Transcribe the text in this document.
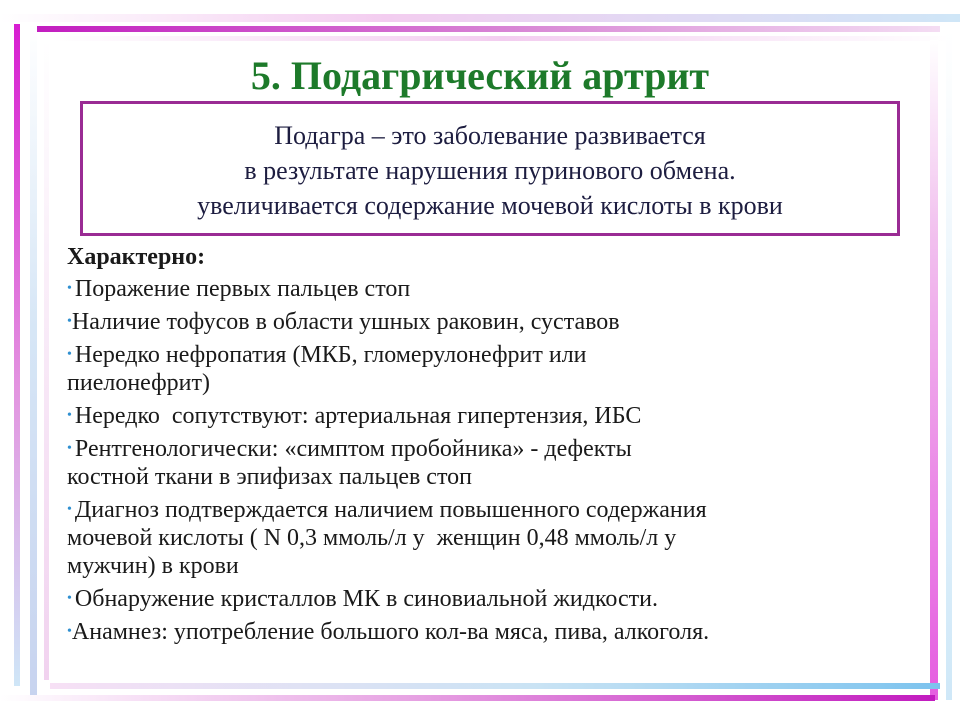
5. Подагрический артрит
Подагра – это заболевание развивается
в результате нарушения пуринового обмена.
увеличивается содержание мочевой кислоты в крови
Характерно:
• Поражение первых пальцев стоп
•Наличие тофусов в области ушных раковин, суставов
• Нередко нефропатия (МКБ, гломерулонефрит или
пиелонефрит)
• Нередко  сопутствуют: артериальная гипертензия, ИБС
• Рентгенологически: «симптом пробойника» - дефекты
костной ткани в эпифизах пальцев стоп
• Диагноз подтверждается наличием повышенного содержания
мочевой кислоты ( N 0,3 ммоль/л у  женщин 0,48 ммоль/л у
мужчин) в крови
• Обнаружение кристаллов МК в синовиальной жидкости.
•Анамнез: употребление большого кол-ва мяса, пива, алкоголя.
